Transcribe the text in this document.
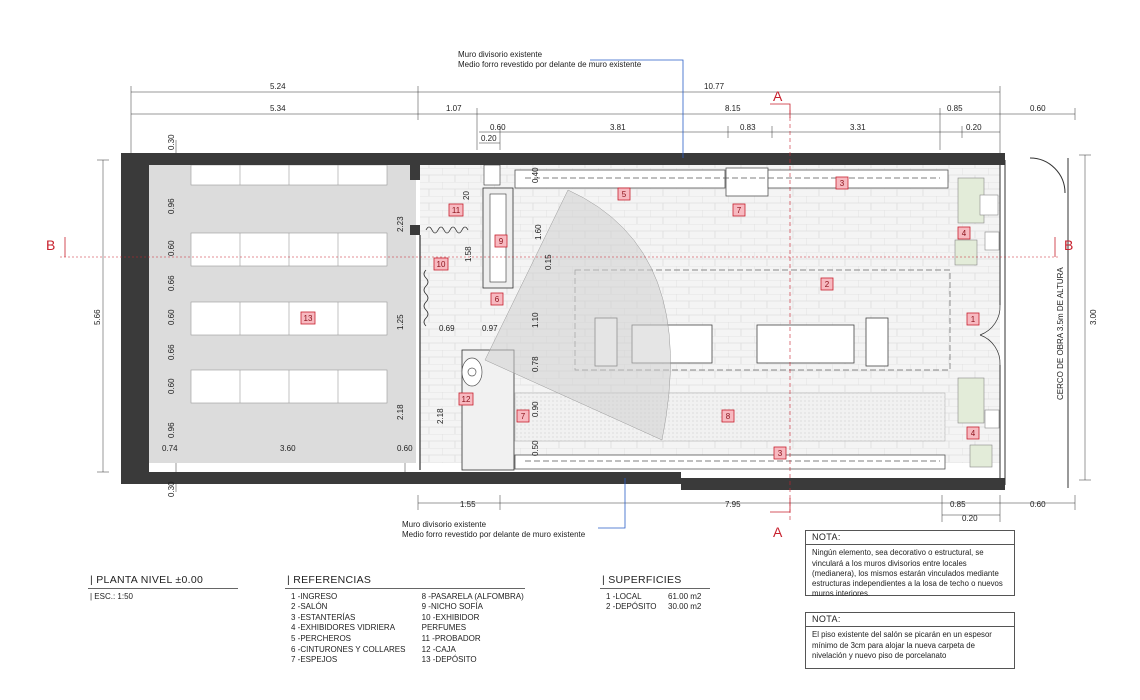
A
A
B	B
Muro divisorio existente
Medio forro revestido por delante de muro existente
Muro divisorio existente
Medio forro revestido por delante de muro existente
CERCO DE OBRA 3.5m DE ALTURA
5.24	10.77
5.34	1.07	8.15	0.85	0.60
0.60	3.81	0.83	3.31	0.20
0.20
1.55	7.95	0.85	0.60
0.20
5.66	3.00
0.30
0.96
0.60
0.66
0.60
0.66
0.60
0.96
0.30
2.23
1.25
2.18
0.74	3.60	0.60
20
1.58
1.60
0.15
0.40
1.10
0.69	0.97
0.78
0.90
0.50
2.18
1
2
3
3
4
4
5
6
7
7	8
9
10
11
12
13
| PLANTA NIVEL ±0.00
| ESC.: 1:50
| REFERENCIAS
1 -INGRESO
2 -SALÓN
3 -ESTANTERÍAS
4 -EXHIBIDORES VIDRIERA
5 -PERCHEROS
6 -CINTURONES Y COLLARES
7 -ESPEJOS
8 -PASARELA (ALFOMBRA)
9 -NICHO SOFÍA
10 -EXHIBIDOR PERFUMES
11 -PROBADOR
12 -CAJA
13 -DEPÓSITO
| SUPERFICIES
1 -LOCAL	61.00 m2
2 -DEPÓSITO	30.00 m2
NOTA:
Ningún elemento, sea decorativo o estructural, se vinculará a los muros divisorios entre locales (medianera), los mismos estarán vinculados mediante estructuras independientes a la losa de techo o nuevos muros interiores.
NOTA:
El piso existente del salón se picarán en un espesor mínimo de 3cm para alojar la nueva carpeta de nivelación y nuevo piso de porcelanato
